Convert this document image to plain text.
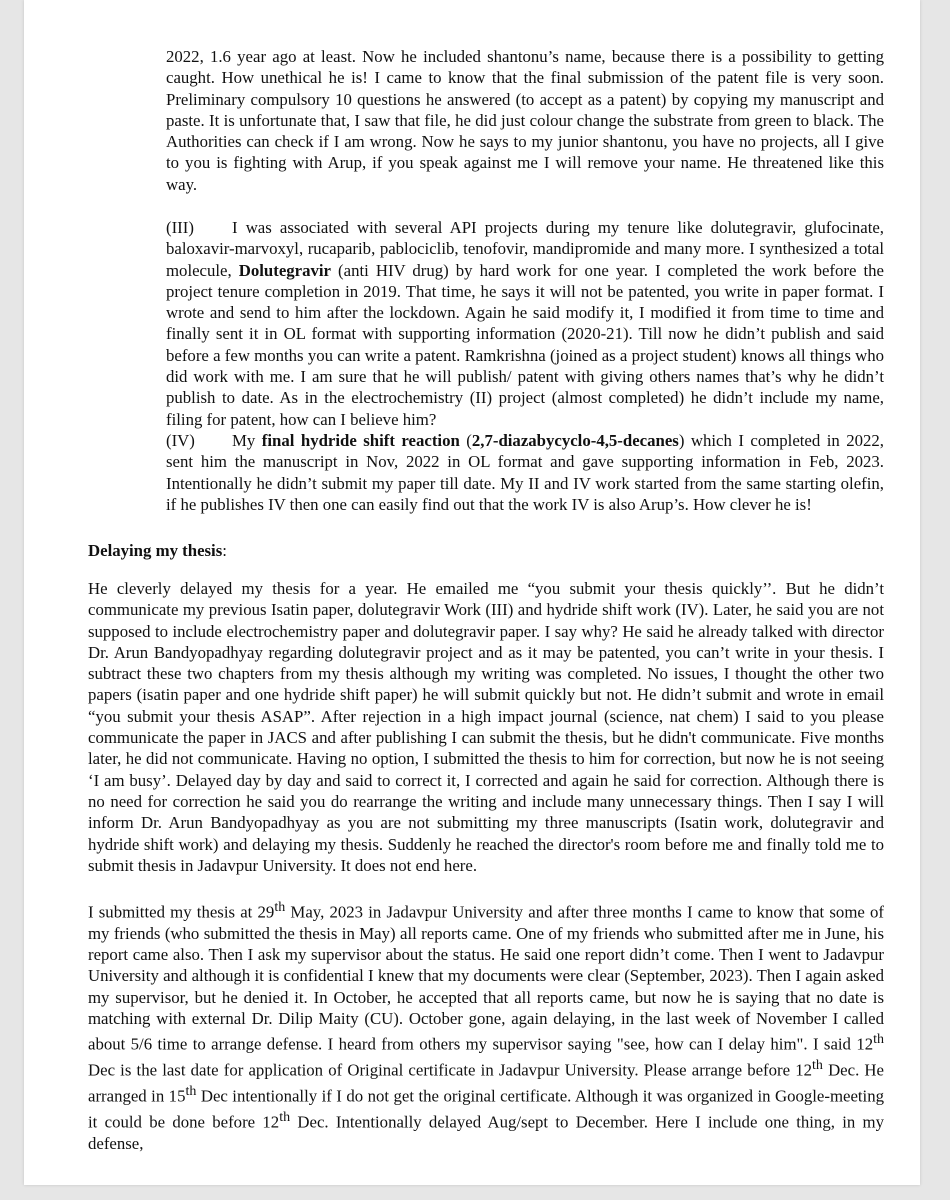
2022, 1.6 year ago at least. Now he included shantonu’s name, because there is a possibility to getting caught. How unethical he is! I came to know that the final submission of the patent file is very soon. Preliminary compulsory 10 questions he answered (to accept as a patent) by copying my manuscript and paste. It is unfortunate that, I saw that file, he did just colour change the substrate from green to black. The Authorities can check if I am wrong. Now he says to my junior shantonu, you have no projects, all I give to you is fighting with Arup, if you speak against me I will remove your name. He threatened like this way.

(III) I was associated with several API projects during my tenure like dolutegravir, glufocinate, baloxavir-marvoxyl, rucaparib, pablociclib, tenofovir, mandipromide and many more. I synthesized a total molecule, Dolutegravir (anti HIV drug) by hard work for one year. I completed the work before the project tenure completion in 2019. That time, he says it will not be patented, you write in paper format. I wrote and send to him after the lockdown. Again he said modify it, I modified it from time to time and finally sent it in OL format with supporting information (2020-21). Till now he didn’t publish and said before a few months you can write a patent. Ramkrishna (joined as a project student) knows all things who did work with me. I am sure that he will publish/ patent with giving others names that’s why he didn’t publish to date. As in the electrochemistry (II) project (almost completed) he didn’t include my name, filing for patent, how can I believe him?

(IV) My final hydride shift reaction (2,7-diazabycyclo-4,5-decanes) which I completed in 2022, sent him the manuscript in Nov, 2022 in OL format and gave supporting information in Feb, 2023. Intentionally he didn’t submit my paper till date. My II and IV work started from the same starting olefin, if he publishes IV then one can easily find out that the work IV is also Arup’s. How clever he is!

Delaying my thesis:

He cleverly delayed my thesis for a year. He emailed me “you submit your thesis quickly’’. But he didn’t communicate my previous Isatin paper, dolutegravir Work (III) and hydride shift work (IV). Later, he said you are not supposed to include electrochemistry paper and dolutegravir paper. I say why? He said he already talked with director Dr. Arun Bandyopadhyay regarding dolutegravir project and as it may be patented, you can’t write in your thesis. I subtract these two chapters from my thesis although my writing was completed. No issues, I thought the other two papers (isatin paper and one hydride shift paper) he will submit quickly but not. He didn’t submit and wrote in email “you submit your thesis ASAP”. After rejection in a high impact journal (science, nat chem) I said to you please communicate the paper in JACS and after publishing I can submit the thesis, but he didn't communicate. Five months later, he did not communicate. Having no option, I submitted the thesis to him for correction, but now he is not seeing ‘I am busy’. Delayed day by day and said to correct it, I corrected and again he said for correction. Although there is no need for correction he said you do rearrange the writing and include many unnecessary things. Then I say I will inform Dr. Arun Bandyopadhyay as you are not submitting my three manuscripts (Isatin work, dolutegravir and hydride shift work) and delaying my thesis. Suddenly he reached the director's room before me and finally told me to submit thesis in Jadavpur University. It does not end here.

I submitted my thesis at 29th May, 2023 in Jadavpur University and after three months I came to know that some of my friends (who submitted the thesis in May) all reports came. One of my friends who submitted after me in June, his report came also. Then I ask my supervisor about the status. He said one report didn’t come. Then I went to Jadavpur University and although it is confidential I knew that my documents were clear (September, 2023). Then I again asked my supervisor, but he denied it. In October, he accepted that all reports came, but now he is saying that no date is matching with external Dr. Dilip Maity (CU). October gone, again delaying, in the last week of November I called about 5/6 time to arrange defense. I heard from others my supervisor saying "see, how can I delay him". I said 12th Dec is the last date for application of Original certificate in Jadavpur University. Please arrange before 12th Dec. He arranged in 15th Dec intentionally if I do not get the original certificate. Although it was organized in Google-meeting it could be done before 12th Dec. Intentionally delayed Aug/sept to December. Here I include one thing, in my defense,
